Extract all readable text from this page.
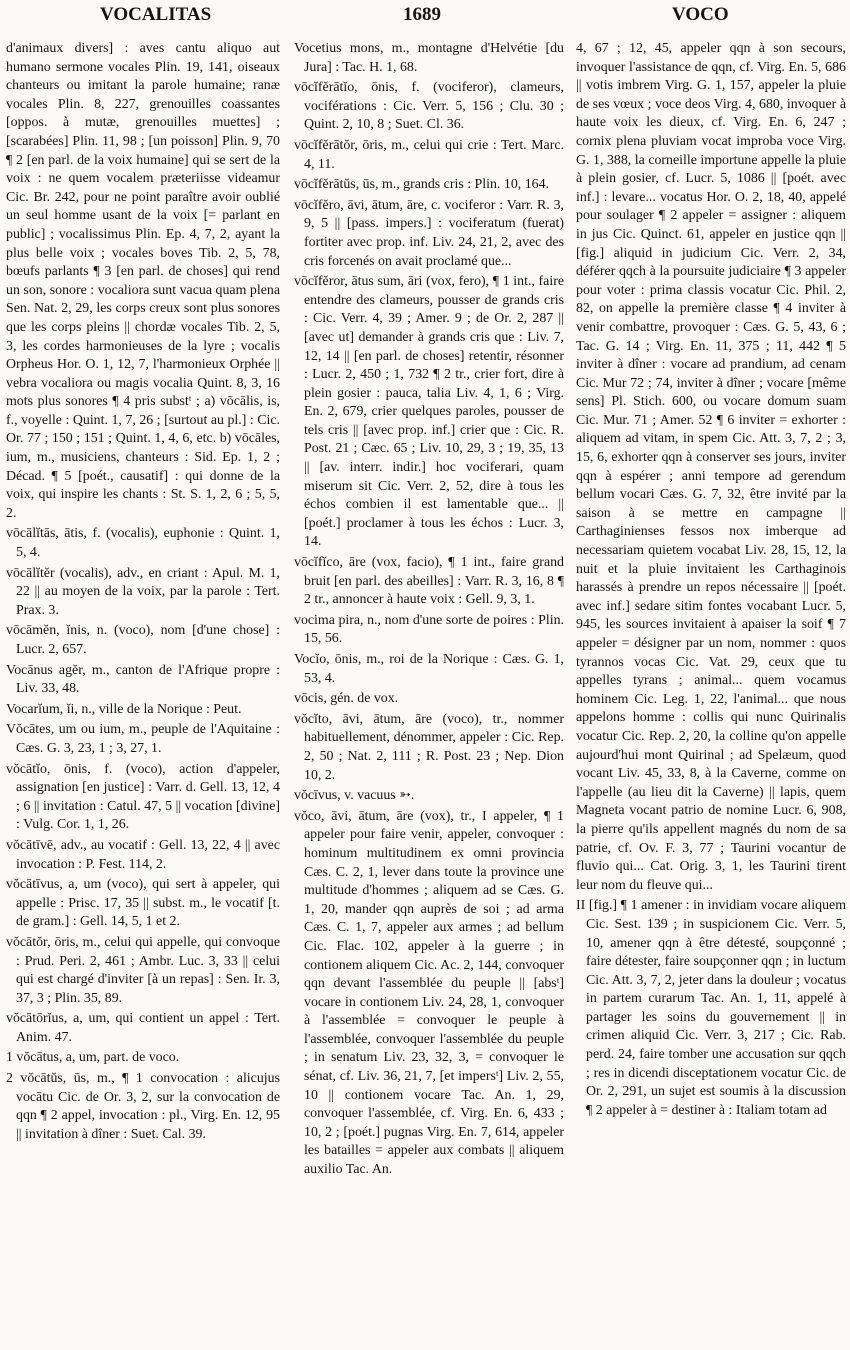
VOCALITAS	1689	VOCO

d'animaux divers] : aves cantu aliquo aut humano sermone vocales Plin. 19, 141, oiseaux chanteurs ou imitant la parole humaine; ranæ vocales Plin. 8, 227, grenouilles coassantes [oppos. à mutæ, grenouilles muettes] ; [scarabées] Plin. 11, 98 ; [un poisson] Plin. 9, 70 ¶ 2 [en parl. de la voix humaine] qui se sert de la voix : ne quem vocalem præteriisse videamur Cic. Br. 242, pour ne point paraître avoir oublié un seul homme usant de la voix [= parlant en public] ; vocalissimus Plin. Ep. 4, 7, 2, ayant la plus belle voix ; vocales boves Tib. 2, 5, 78, bœufs parlants ¶ 3 [en parl. de choses] qui rend un son, sonore : vocaliora sunt vacua quam plena Sen. Nat. 2, 29, les corps creux sont plus sonores que les corps pleins || chordæ vocales Tib. 2, 5, 3, les cordes harmonieuses de la lyre ; vocalis Orpheus Hor. O. 1, 12, 7, l'harmonieux Orphée || vebra vocaliora ou magis vocalia Quint. 8, 3, 16 mots plus sonores ¶ 4 pris substᵗ ; a) vōcālis, is, f., voyelle : Quint. 1, 7, 26 ; [surtout au pl.] : Cic. Or. 77 ; 150 ; 151 ; Quint. 1, 4, 6, etc. b) vōcāles, ium, m., musiciens, chanteurs : Sid. Ep. 1, 2 ; Décad. ¶ 5 [poét., causatif] : qui donne de la voix, qui inspire les chants : St. S. 1, 2, 6 ; 5, 5, 2.

vōcālĭtās, ātis, f. (vocalis), euphonie : Quint. 1, 5, 4.

vōcālĭtĕr (vocalis), adv., en criant : Apul. M. 1, 22 || au moyen de la voix, par la parole : Tert. Prax. 3.

vōcāmĕn, ĭnis, n. (voco), nom [d'une chose] : Lucr. 2, 657.

Vocānus agĕr, m., canton de l'Afrique propre : Liv. 33, 48.

Vocarĭum, ĭi, n., ville de la Norique : Peut.

Vŏcātes, um ou ium, m., peuple de l'Aquitaine : Cæs. G. 3, 23, 1 ; 3, 27, 1.

vŏcātĭo, ōnis, f. (voco), action d'appeler, assignation [en justice] : Varr. d. Gell. 13, 12, 4 ; 6 || invitation : Catul. 47, 5 || vocation [divine] : Vulg. Cor. 1, 1, 26.

vŏcātīvē, adv., au vocatif : Gell. 13, 22, 4 || avec invocation : P. Fest. 114, 2.

vŏcātīvus, a, um (voco), qui sert à appeler, qui appelle : Prisc. 17, 35 || subst. m., le vocatif [t. de gram.] : Gell. 14, 5, 1 et 2.

vŏcātŏr, ōris, m., celui qui appelle, qui convoque : Prud. Peri. 2, 461 ; Ambr. Luc. 3, 33 || celui qui est chargé d'inviter [à un repas] : Sen. Ir. 3, 37, 3 ; Plin. 35, 89.

vŏcātōrĭus, a, um, qui contient un appel : Tert. Anim. 47.

1 vŏcātus, a, um, part. de voco.

2 vŏcātŭs, ūs, m., ¶ 1 convocation : alicujus vocātu Cic. de Or. 3, 2, sur la convocation de qqn ¶ 2 appel, invocation : pl., Virg. En. 12, 95 || invitation à dîner : Suet. Cal. 39.

Vocetius mons, m., montagne d'Helvétie [du Jura] : Tac. H. 1, 68.

vōcĭfĕrātĭo, ōnis, f. (vociferor), clameurs, vociférations : Cic. Verr. 5, 156 ; Clu. 30 ; Quint. 2, 10, 8 ; Suet. Cl. 36.

vōcĭfĕrātŏr, ōris, m., celui qui crie : Tert. Marc. 4, 11.

vōcĭfĕrātŭs, ūs, m., grands cris : Plin. 10, 164.

vōcĭfĕro, āvi, ātum, āre, c. vociferor : Varr. R. 3, 9, 5 || [pass. impers.] : vociferatum (fuerat) fortiter avec prop. inf. Liv. 24, 21, 2, avec des cris forcenés on avait proclamé que...

vōcĭfĕror, ātus sum, āri (vox, fero), ¶ 1 int., faire entendre des clameurs, pousser de grands cris : Cic. Verr. 4, 39 ; Amer. 9 ; de Or. 2, 287 || [avec ut] demander à grands cris que : Liv. 7, 12, 14 || [en parl. de choses] retentir, résonner : Lucr. 2, 450 ; 1, 732 ¶ 2 tr., crier fort, dire à plein gosier : pauca, talia Liv. 4, 1, 6 ; Virg. En. 2, 679, crier quelques paroles, pousser de tels cris || [avec prop. inf.] crier que : Cic. R. Post. 21 ; Cæc. 65 ; Liv. 10, 29, 3 ; 19, 35, 13 || [av. interr. indir.] hoc vociferari, quam miserum sit Cic. Verr. 2, 52, dire à tous les échos combien il est lamentable que... || [poét.] proclamer à tous les échos : Lucr. 3, 14.

vōcĭfĭco, āre (vox, facio), ¶ 1 int., faire grand bruit [en parl. des abeilles] : Varr. R. 3, 16, 8 ¶ 2 tr., annoncer à haute voix : Gell. 9, 3, 1.

vocima pira, n., nom d'une sorte de poires : Plin. 15, 56.

Vocĭo, ōnis, m., roi de la Norique : Cæs. G. 1, 53, 4.

vōcis, gén. de vox.

vŏcĭto, āvi, ātum, āre (voco), tr., nommer habituellement, dénommer, appeler : Cic. Rep. 2, 50 ; Nat. 2, 111 ; R. Post. 23 ; Nep. Dion 10, 2.

vŏcīvus, v. vacuus ➳.

vŏco, āvi, ātum, āre (vox), tr., I appeler, ¶ 1 appeler pour faire venir, appeler, convoquer : hominum multitudinem ex omni provincia Cæs. C. 2, 1, lever dans toute la province une multitude d'hommes ; aliquem ad se Cæs. G. 1, 20, mander qqn auprès de soi ; ad arma Cæs. C. 1, 7, appeler aux armes ; ad bellum Cic. Flac. 102, appeler à la guerre ; in contionem aliquem Cic. Ac. 2, 144, convoquer qqn devant l'assemblée du peuple || [absᵗ] vocare in contionem Liv. 24, 28, 1, convoquer à l'assemblée = convoquer le peuple à l'assemblée, convoquer l'assemblée du peuple ; in senatum Liv. 23, 32, 3, = convoquer le sénat, cf. Liv. 36, 21, 7, [et impersᵗ] Liv. 2, 55, 10 || contionem vocare Tac. An. 1, 29, convoquer l'assemblée, cf. Virg. En. 6, 433 ; 10, 2 ; [poét.] pugnas Virg. En. 7, 614, appeler les batailles = appeler aux combats || aliquem auxilio Tac. An.

4, 67 ; 12, 45, appeler qqn à son secours, invoquer l'assistance de qqn, cf. Virg. En. 5, 686 || votis imbrem Virg. G. 1, 157, appeler la pluie de ses vœux ; voce deos Virg. 4, 680, invoquer à haute voix les dieux, cf. Virg. En. 6, 247 ; cornix plena pluviam vocat improba voce Virg. G. 1, 388, la corneille importune appelle la pluie à plein gosier, cf. Lucr. 5, 1086 || [poét. avec inf.] : levare... vocatus Hor. O. 2, 18, 40, appelé pour soulager ¶ 2 appeler = assigner : aliquem in jus Cic. Quinct. 61, appeler en justice qqn || [fig.] aliquid in judicium Cic. Verr. 2, 34, déférer qqch à la poursuite judiciaire ¶ 3 appeler pour voter : prima classis vocatur Cic. Phil. 2, 82, on appelle la première classe ¶ 4 inviter à venir combattre, provoquer : Cæs. G. 5, 43, 6 ; Tac. G. 14 ; Virg. En. 11, 375 ; 11, 442 ¶ 5 inviter à dîner : vocare ad prandium, ad cenam Cic. Mur 72 ; 74, inviter à dîner ; vocare [même sens] Pl. Stich. 600, ou vocare domum suam Cic. Mur. 71 ; Amer. 52 ¶ 6 inviter = exhorter : aliquem ad vitam, in spem Cic. Att. 3, 7, 2 ; 3, 15, 6, exhorter qqn à conserver ses jours, inviter qqn à espérer ; anni tempore ad gerendum bellum vocari Cæs. G. 7, 32, être invité par la saison à se mettre en campagne || Carthaginienses fessos nox imberque ad necessariam quietem vocabat Liv. 28, 15, 12, la nuit et la pluie invitaient les Carthaginois harassés à prendre un repos nécessaire || [poét. avec inf.] sedare sitim fontes vocabant Lucr. 5, 945, les sources invitaient à apaiser la soif ¶ 7 appeler = désigner par un nom, nommer : quos tyrannos vocas Cic. Vat. 29, ceux que tu appelles tyrans ; animal... quem vocamus hominem Cic. Leg. 1, 22, l'animal... que nous appelons homme : collis qui nunc Quirinalis vocatur Cic. Rep. 2, 20, la colline qu'on appelle aujourd'hui mont Quirinal ; ad Spelæum, quod vocant Liv. 45, 33, 8, à la Caverne, comme on l'appelle (au lieu dit la Caverne) || lapis, quem Magneta vocant patrio de nomine Lucr. 6, 908, la pierre qu'ils appellent magnés du nom de sa patrie, cf. Ov. F. 3, 77 ; Taurini vocantur de fluvio qui... Cat. Orig. 3, 1, les Taurini tirent leur nom du fleuve qui...

II [fig.] ¶ 1 amener : in invidiam vocare aliquem Cic. Sest. 139 ; in suspicionem Cic. Verr. 5, 10, amener qqn à être détesté, soupçonné ; faire détester, faire soupçonner qqn ; in luctum Cic. Att. 3, 7, 2, jeter dans la douleur ; vocatus in partem curarum Tac. An. 1, 11, appelé à partager les soins du gouvernement || in crimen aliquid Cic. Verr. 3, 217 ; Cic. Rab. perd. 24, faire tomber une accusation sur qqch ; res in dicendi disceptationem vocatur Cic. de Or. 2, 291, un sujet est soumis à la discussion ¶ 2 appeler à = destiner à : Italiam totam ad
